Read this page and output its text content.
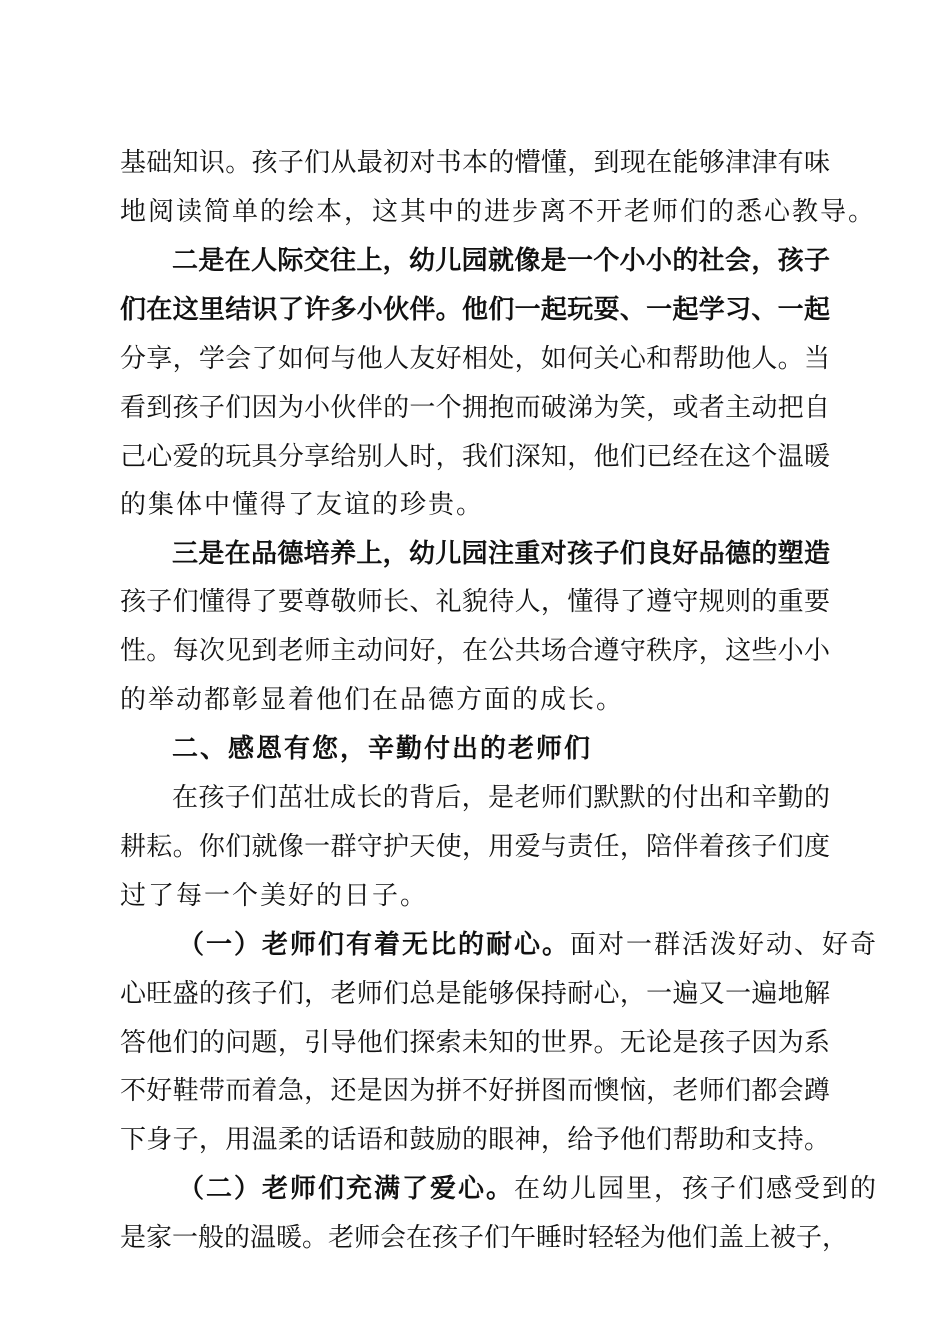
基础知识。孩子们从最初对书本的懵懂，到现在能够津津有味
地阅读简单的绘本，这其中的进步离不开老师们的悉心教导。
二是在人际交往上，幼儿园就像是一个小小的社会，孩子
们在这里结识了许多小伙伴。他们一起玩耍、一起学习、一起
分享，学会了如何与他人友好相处，如何关心和帮助他人。当
看到孩子们因为小伙伴的一个拥抱而破涕为笑，或者主动把自
己心爱的玩具分享给别人时，我们深知，他们已经在这个温暖
的集体中懂得了友谊的珍贵。
三是在品德培养上，幼儿园注重对孩子们良好品德的塑造
孩子们懂得了要尊敬师长、礼貌待人，懂得了遵守规则的重要
性。每次见到老师主动问好，在公共场合遵守秩序，这些小小
的举动都彰显着他们在品德方面的成长。
二、感恩有您，辛勤付出的老师们
在孩子们茁壮成长的背后，是老师们默默的付出和辛勤的
耕耘。你们就像一群守护天使，用爱与责任，陪伴着孩子们度
过了每一个美好的日子。
（一）老师们有着无比的耐心。面对一群活泼好动、好奇
心旺盛的孩子们，老师们总是能够保持耐心，一遍又一遍地解
答他们的问题，引导他们探索未知的世界。无论是孩子因为系
不好鞋带而着急，还是因为拼不好拼图而懊恼，老师们都会蹲
下身子，用温柔的话语和鼓励的眼神，给予他们帮助和支持。
（二）老师们充满了爱心。在幼儿园里，孩子们感受到的
是家一般的温暖。老师会在孩子们午睡时轻轻为他们盖上被子，
